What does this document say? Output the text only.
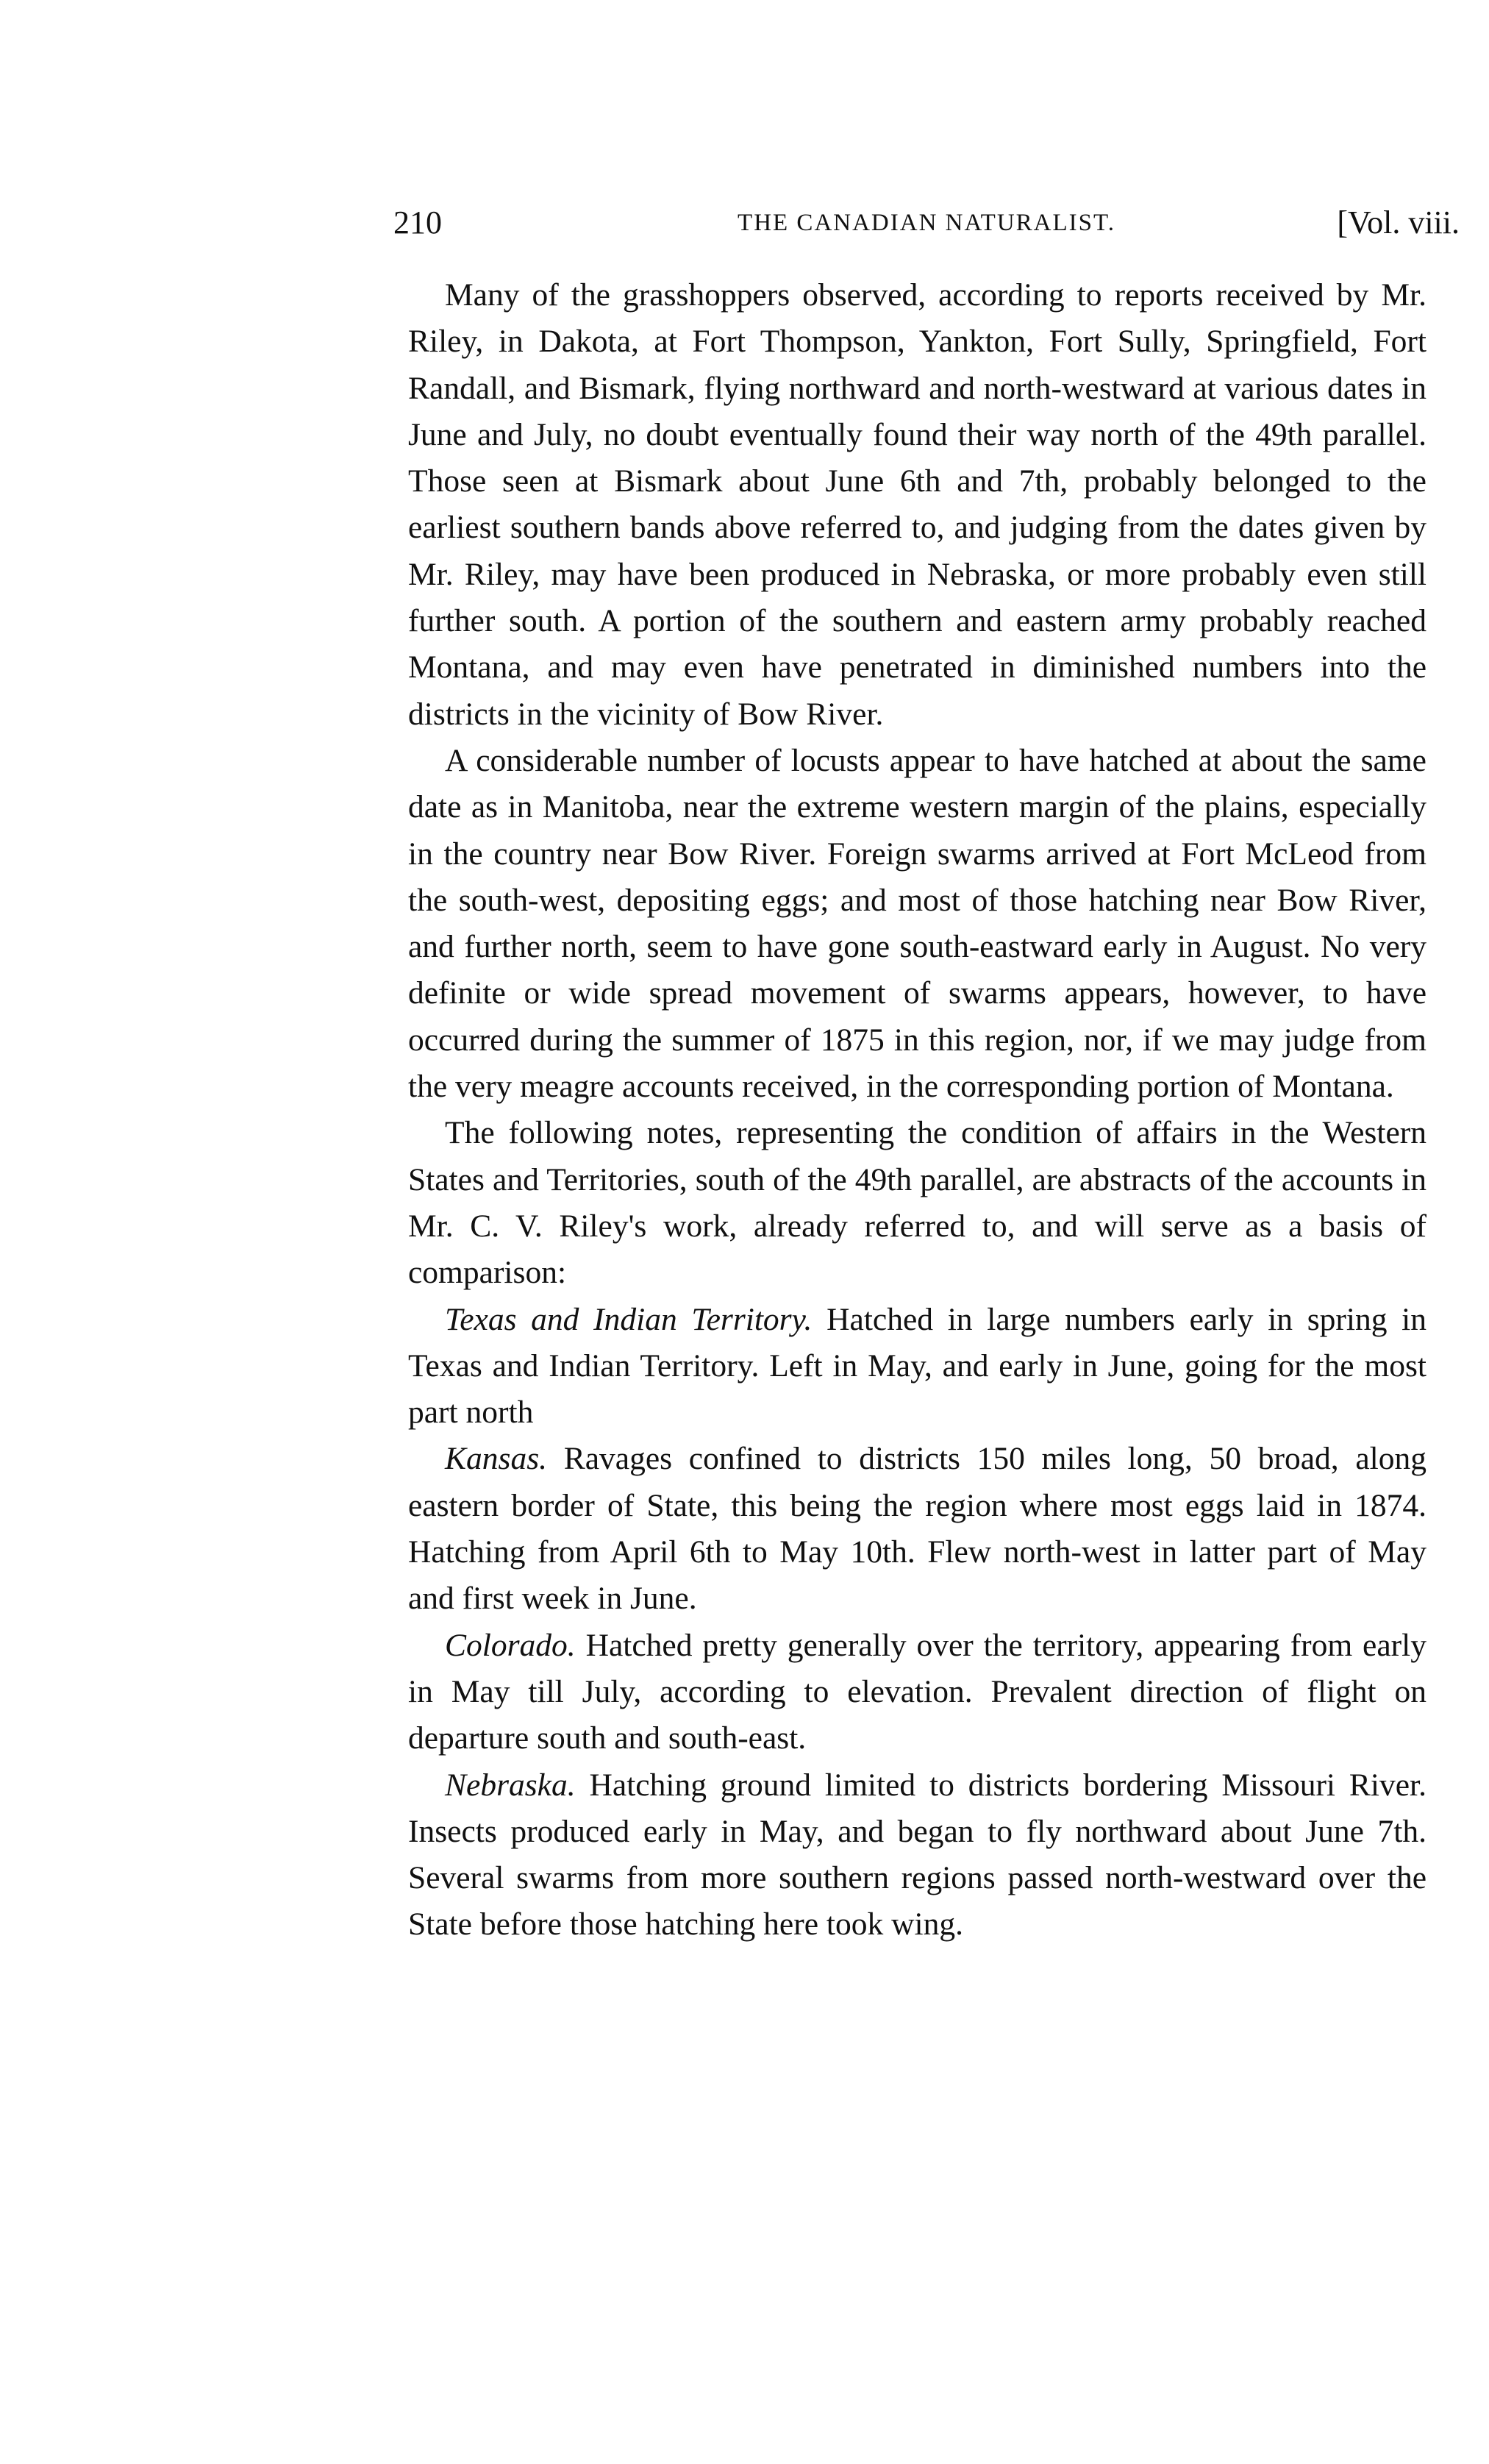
210	THE CANADIAN NATURALIST.	[Vol. viii.

Many of the grasshoppers observed, according to reports received by Mr. Riley, in Dakota, at Fort Thompson, Yankton, Fort Sully, Springfield, Fort Randall, and Bismark, flying northward and north-westward at various dates in June and July, no doubt eventually found their way north of the 49th parallel. Those seen at Bismark about June 6th and 7th, probably belonged to the earliest southern bands above referred to, and judging from the dates given by Mr. Riley, may have been produced in Nebraska, or more probably even still further south. A portion of the southern and eastern army probably reached Montana, and may even have penetrated in diminished numbers into the districts in the vicinity of Bow River.

A considerable number of locusts appear to have hatched at about the same date as in Manitoba, near the extreme western margin of the plains, especially in the country near Bow River. Foreign swarms arrived at Fort McLeod from the south-west, depositing eggs; and most of those hatching near Bow River, and further north, seem to have gone south-eastward early in August. No very definite or wide spread movement of swarms appears, however, to have occurred during the summer of 1875 in this region, nor, if we may judge from the very meagre accounts received, in the corresponding portion of Montana.

The following notes, representing the condition of affairs in the Western States and Territories, south of the 49th parallel, are abstracts of the accounts in Mr. C. V. Riley's work, already referred to, and will serve as a basis of comparison:

Texas and Indian Territory. Hatched in large numbers early in spring in Texas and Indian Territory. Left in May, and early in June, going for the most part north

Kansas. Ravages confined to districts 150 miles long, 50 broad, along eastern border of State, this being the region where most eggs laid in 1874. Hatching from April 6th to May 10th. Flew north-west in latter part of May and first week in June.

Colorado. Hatched pretty generally over the territory, appearing from early in May till July, according to elevation. Prevalent direction of flight on departure south and south-east.

Nebraska. Hatching ground limited to districts bordering Missouri River. Insects produced early in May, and began to fly northward about June 7th. Several swarms from more southern regions passed north-westward over the State before those hatching here took wing.
